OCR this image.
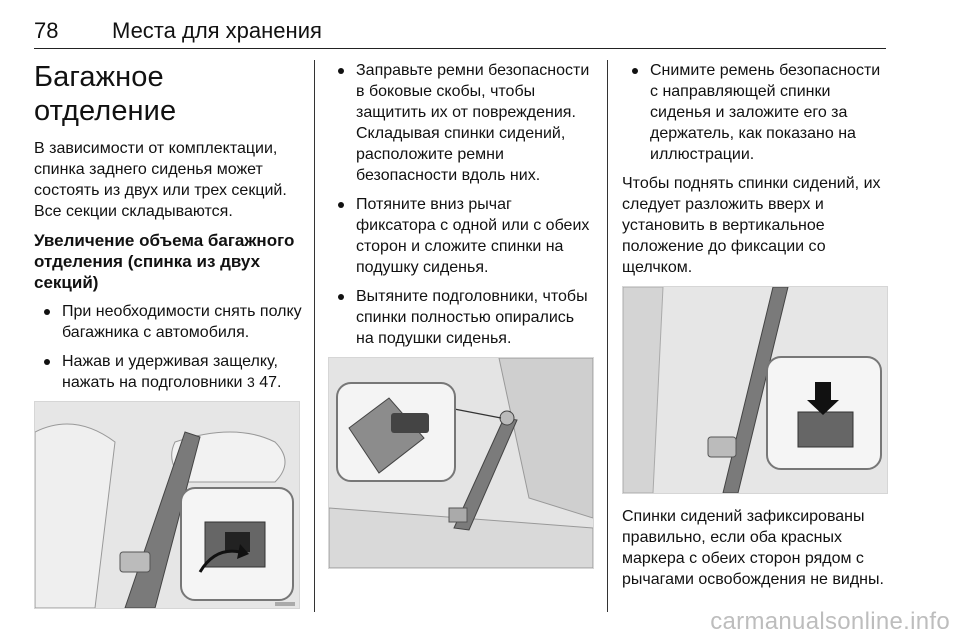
78 Места для хранения
Багажное отделение

В зависимости от комплектации, спинка заднего сиденья может состоять из двух или трех секций. Все секции складываются.

Увеличение объема багажного отделения (спинка из двух секций)
При необходимости снять полку багажника с автомобиля.
Нажав и удерживая защелку, нажать на подголовники 3 47.
Заправьте ремни безопасности в боковые скобы, чтобы защитить их от повреждения. Складывая спинки сидений, расположите ремни безопасности вдоль них.
Потяните вниз рычаг фиксатора с одной или с обеих сторон и сложите спинки на подушку сиденья.
Вытяните подголовники, чтобы спинки полностью опирались на подушки сиденья.
Снимите ремень безопасности с направляющей спинки сиденья и заложите его за держатель, как показано на иллюстрации.

Чтобы поднять спинки сидений, их следует разложить вверх и установить в вертикальное положение до фиксации со щелчком.

Спинки сидений зафиксированы правильно, если оба красных маркера с обеих сторон рядом с рычагами освобождения не видны.

carmanualsonline.info
